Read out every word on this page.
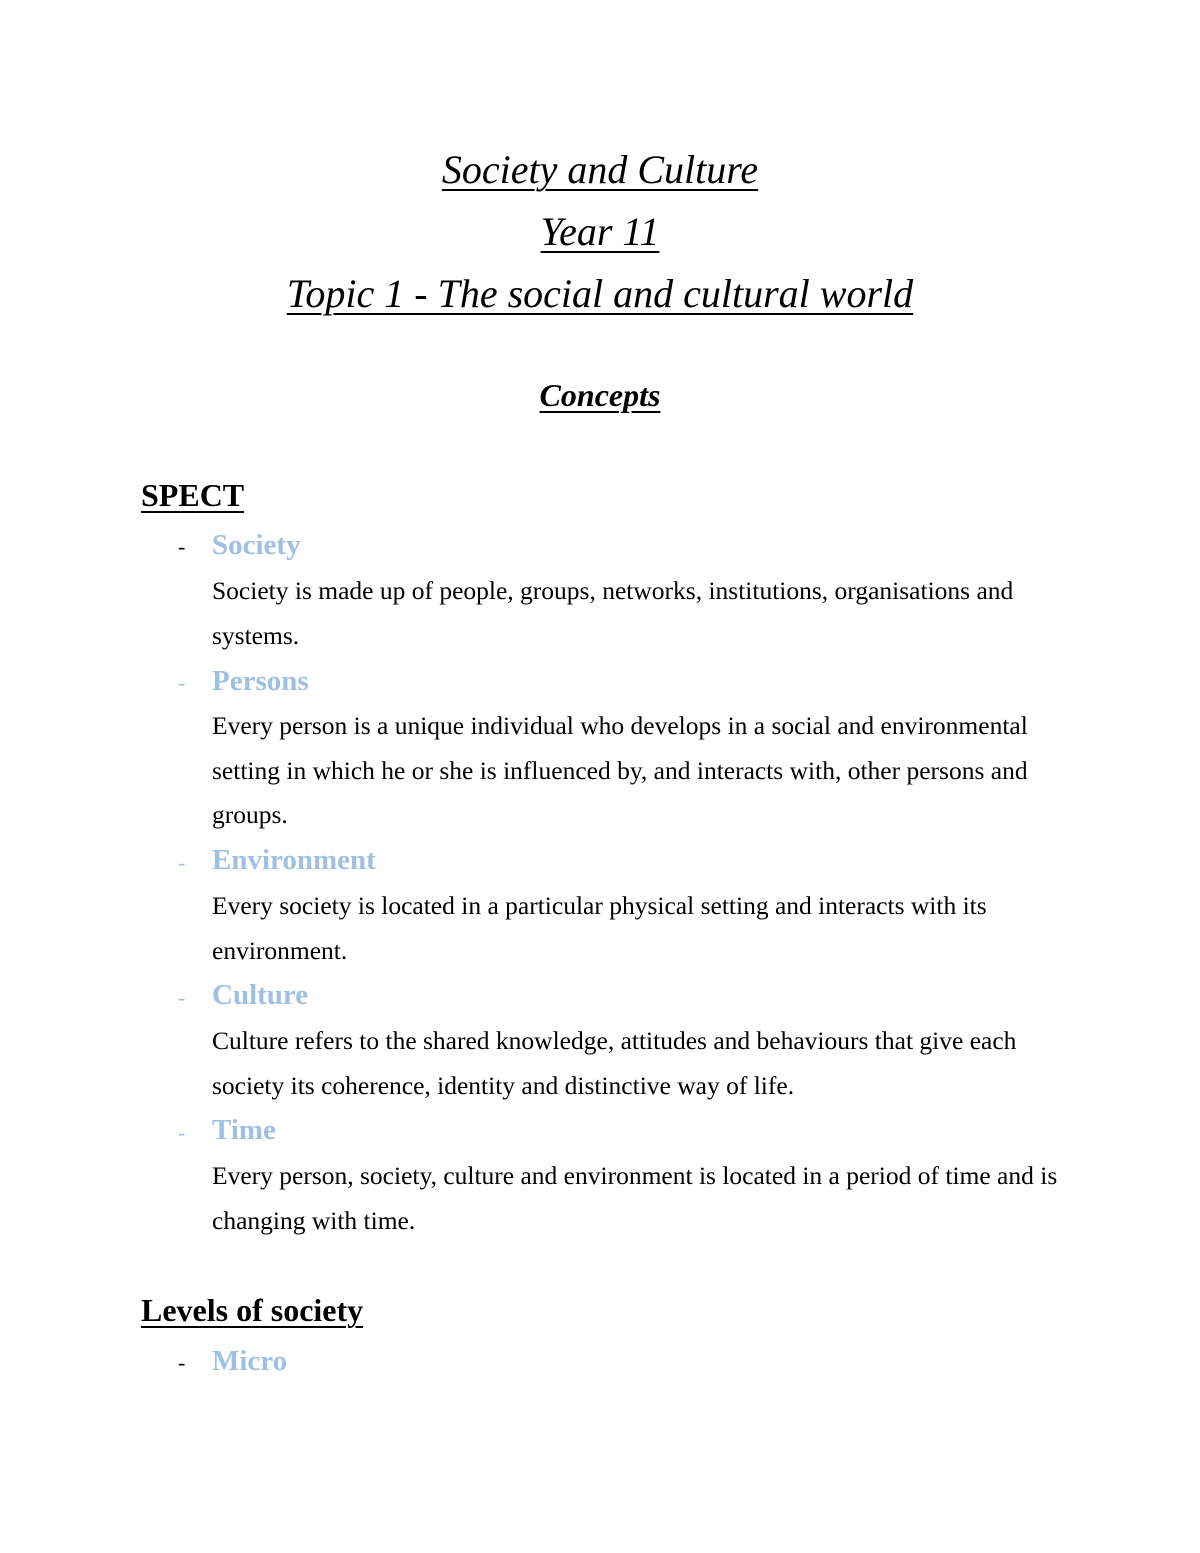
Society and Culture
Year 11
Topic 1 - The social and cultural world
Concepts
SPECT
- Society
Society is made up of people, groups, networks, institutions, organisations and systems.
- Persons
Every person is a unique individual who develops in a social and environmental setting in which he or she is influenced by, and interacts with, other persons and groups.
- Environment
Every society is located in a particular physical setting and interacts with its environment.
- Culture
Culture refers to the shared knowledge, attitudes and behaviours that give each society its coherence, identity and distinctive way of life.
- Time
Every person, society, culture and environment is located in a period of time and is changing with time.
Levels of society
- Micro
